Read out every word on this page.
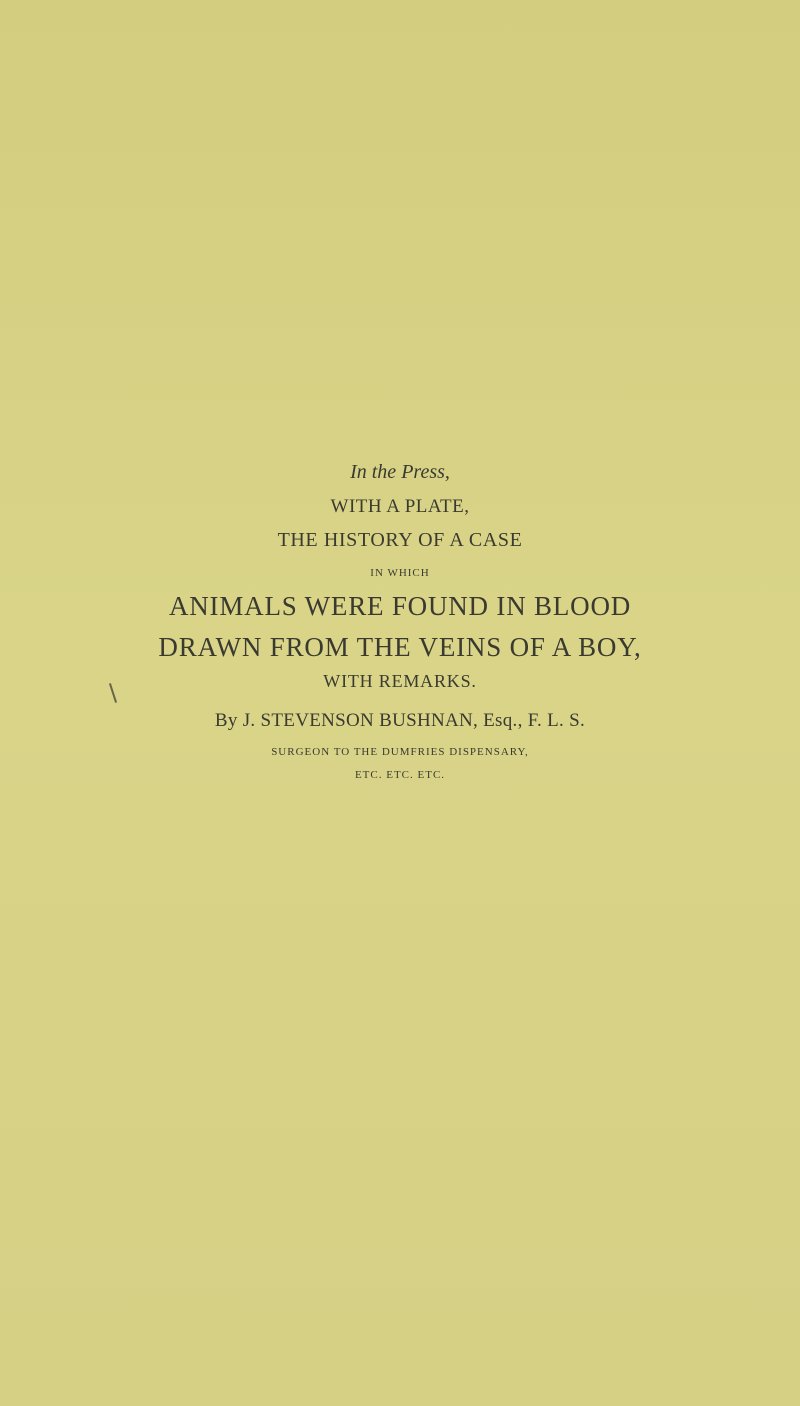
In the Press,
WITH A PLATE,
THE HISTORY OF A CASE
IN WHICH
ANIMALS WERE FOUND IN BLOOD
DRAWN FROM THE VEINS OF A BOY,
WITH REMARKS.
By J. STEVENSON BUSHNAN, Esq., F. L. S.
SURGEON TO THE DUMFRIES DISPENSARY,
ETC. ETC. ETC.
